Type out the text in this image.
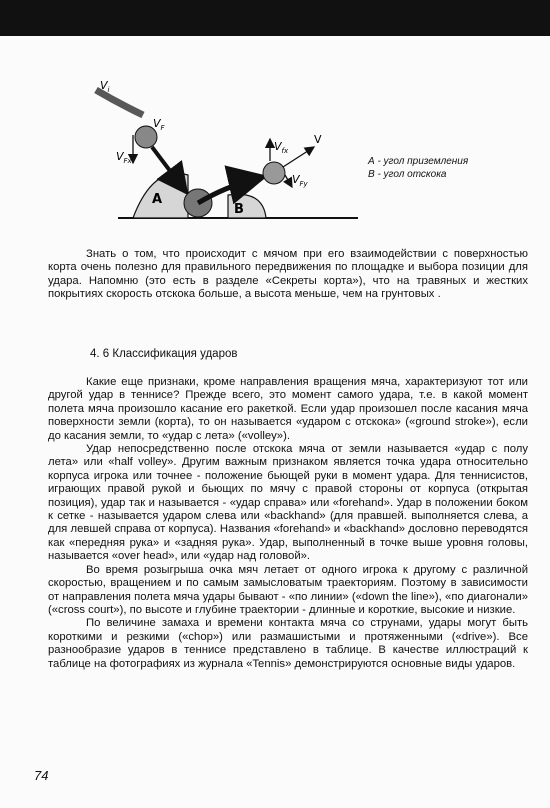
$V_i$
$V_F$
$V_{Fx}$
$V_{fx}$
V
$V_{Fy}$
A
B
А - угол приземления
В - угол отскока

Знать о том, что происходит с мячом при его взаимодействии с поверхностью корта очень полезно для правильного передвижения по площадке и выбора позиции для удара. Напомню (это есть в разделе «Секреты корта»), что на травяных и жестких покрытиях скорость отскока больше, а высота меньше, чем на грунтовых .

4. 6 Классификация ударов

Какие еще признаки, кроме направления вращения мяча, характеризуют тот или другой удар в теннисе? Прежде всего, это момент самого удара, т.е. в какой момент полета мяча произошло касание его ракеткой. Если удар произошел после касания мяча поверхности земли (корта), то он называется «ударом с отскока» («ground stroke»), если до касания земли, то «удар с лета» («volley»).

Удар непосредственно после отскока мяча от земли называется «удар с полу лета» или «half volley». Другим важным признаком является точка удара относительно корпуса игрока или точнее - положение бьющей руки в момент удара. Для теннисистов, играющих правой рукой и бьющих по мячу с правой стороны от корпуса (открытая позиция), удар так и называется - «удар справа» или «forehand». Удар в положении боком к сетке - называется ударом слева или «backhand» (для правшей. выполняется слева, а для левшей справа от корпуса). Названия «forehand» и «backhand» дословно переводятся как «передняя рука» и «задняя рука». Удар, выполненный в точке выше уровня головы, называется «over head», или «удар над головой».

Во время розыгрыша очка мяч летает от одного игрока к другому с различной скоростью, вращением и по самым замысловатым траекториям. Поэтому в зависимости от направления полета мяча удары бывают - «по линии» («down the line»), «по диагонали» («cross court»), по высоте и глубине траектории - длинные и короткие, высокие и низкие.

По величине замаха и времени контакта мяча со струнами, удары могут быть короткими и резкими («chop») или размашистыми и протяженными («drive»). Все разнообразие ударов в теннисе представлено в таблице. В качестве иллюстраций к таблице на фотографиях из журнала «Tennis» демонстрируются основные виды ударов.

74
